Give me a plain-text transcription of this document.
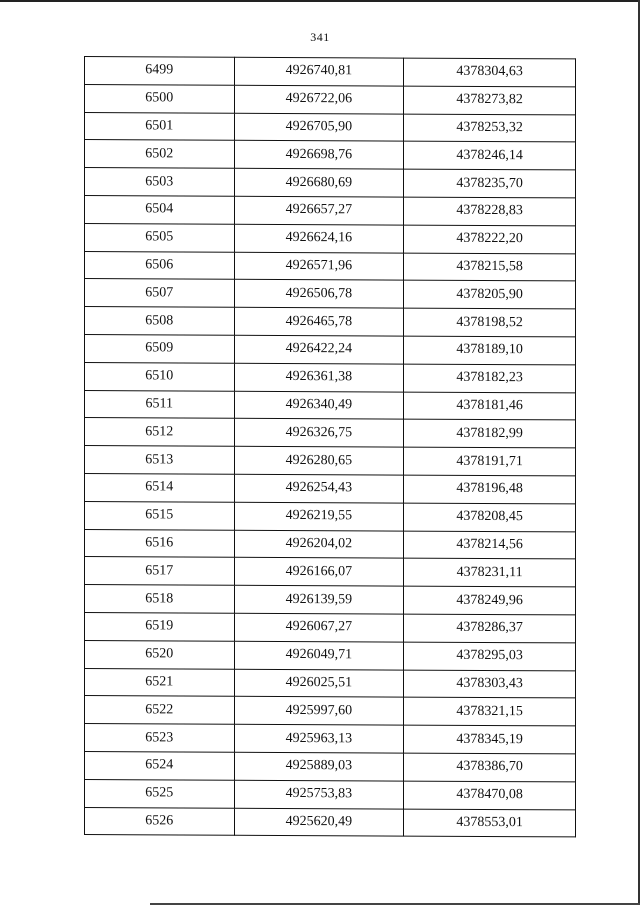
341
6499	4926740,81	4378304,63
6500	4926722,06	4378273,82
6501	4926705,90	4378253,32
6502	4926698,76	4378246,14
6503	4926680,69	4378235,70
6504	4926657,27	4378228,83
6505	4926624,16	4378222,20
6506	4926571,96	4378215,58
6507	4926506,78	4378205,90
6508	4926465,78	4378198,52
6509	4926422,24	4378189,10
6510	4926361,38	4378182,23
6511	4926340,49	4378181,46
6512	4926326,75	4378182,99
6513	4926280,65	4378191,71
6514	4926254,43	4378196,48
6515	4926219,55	4378208,45
6516	4926204,02	4378214,56
6517	4926166,07	4378231,11
6518	4926139,59	4378249,96
6519	4926067,27	4378286,37
6520	4926049,71	4378295,03
6521	4926025,51	4378303,43
6522	4925997,60	4378321,15
6523	4925963,13	4378345,19
6524	4925889,03	4378386,70
6525	4925753,83	4378470,08
6526	4925620,49	4378553,01
